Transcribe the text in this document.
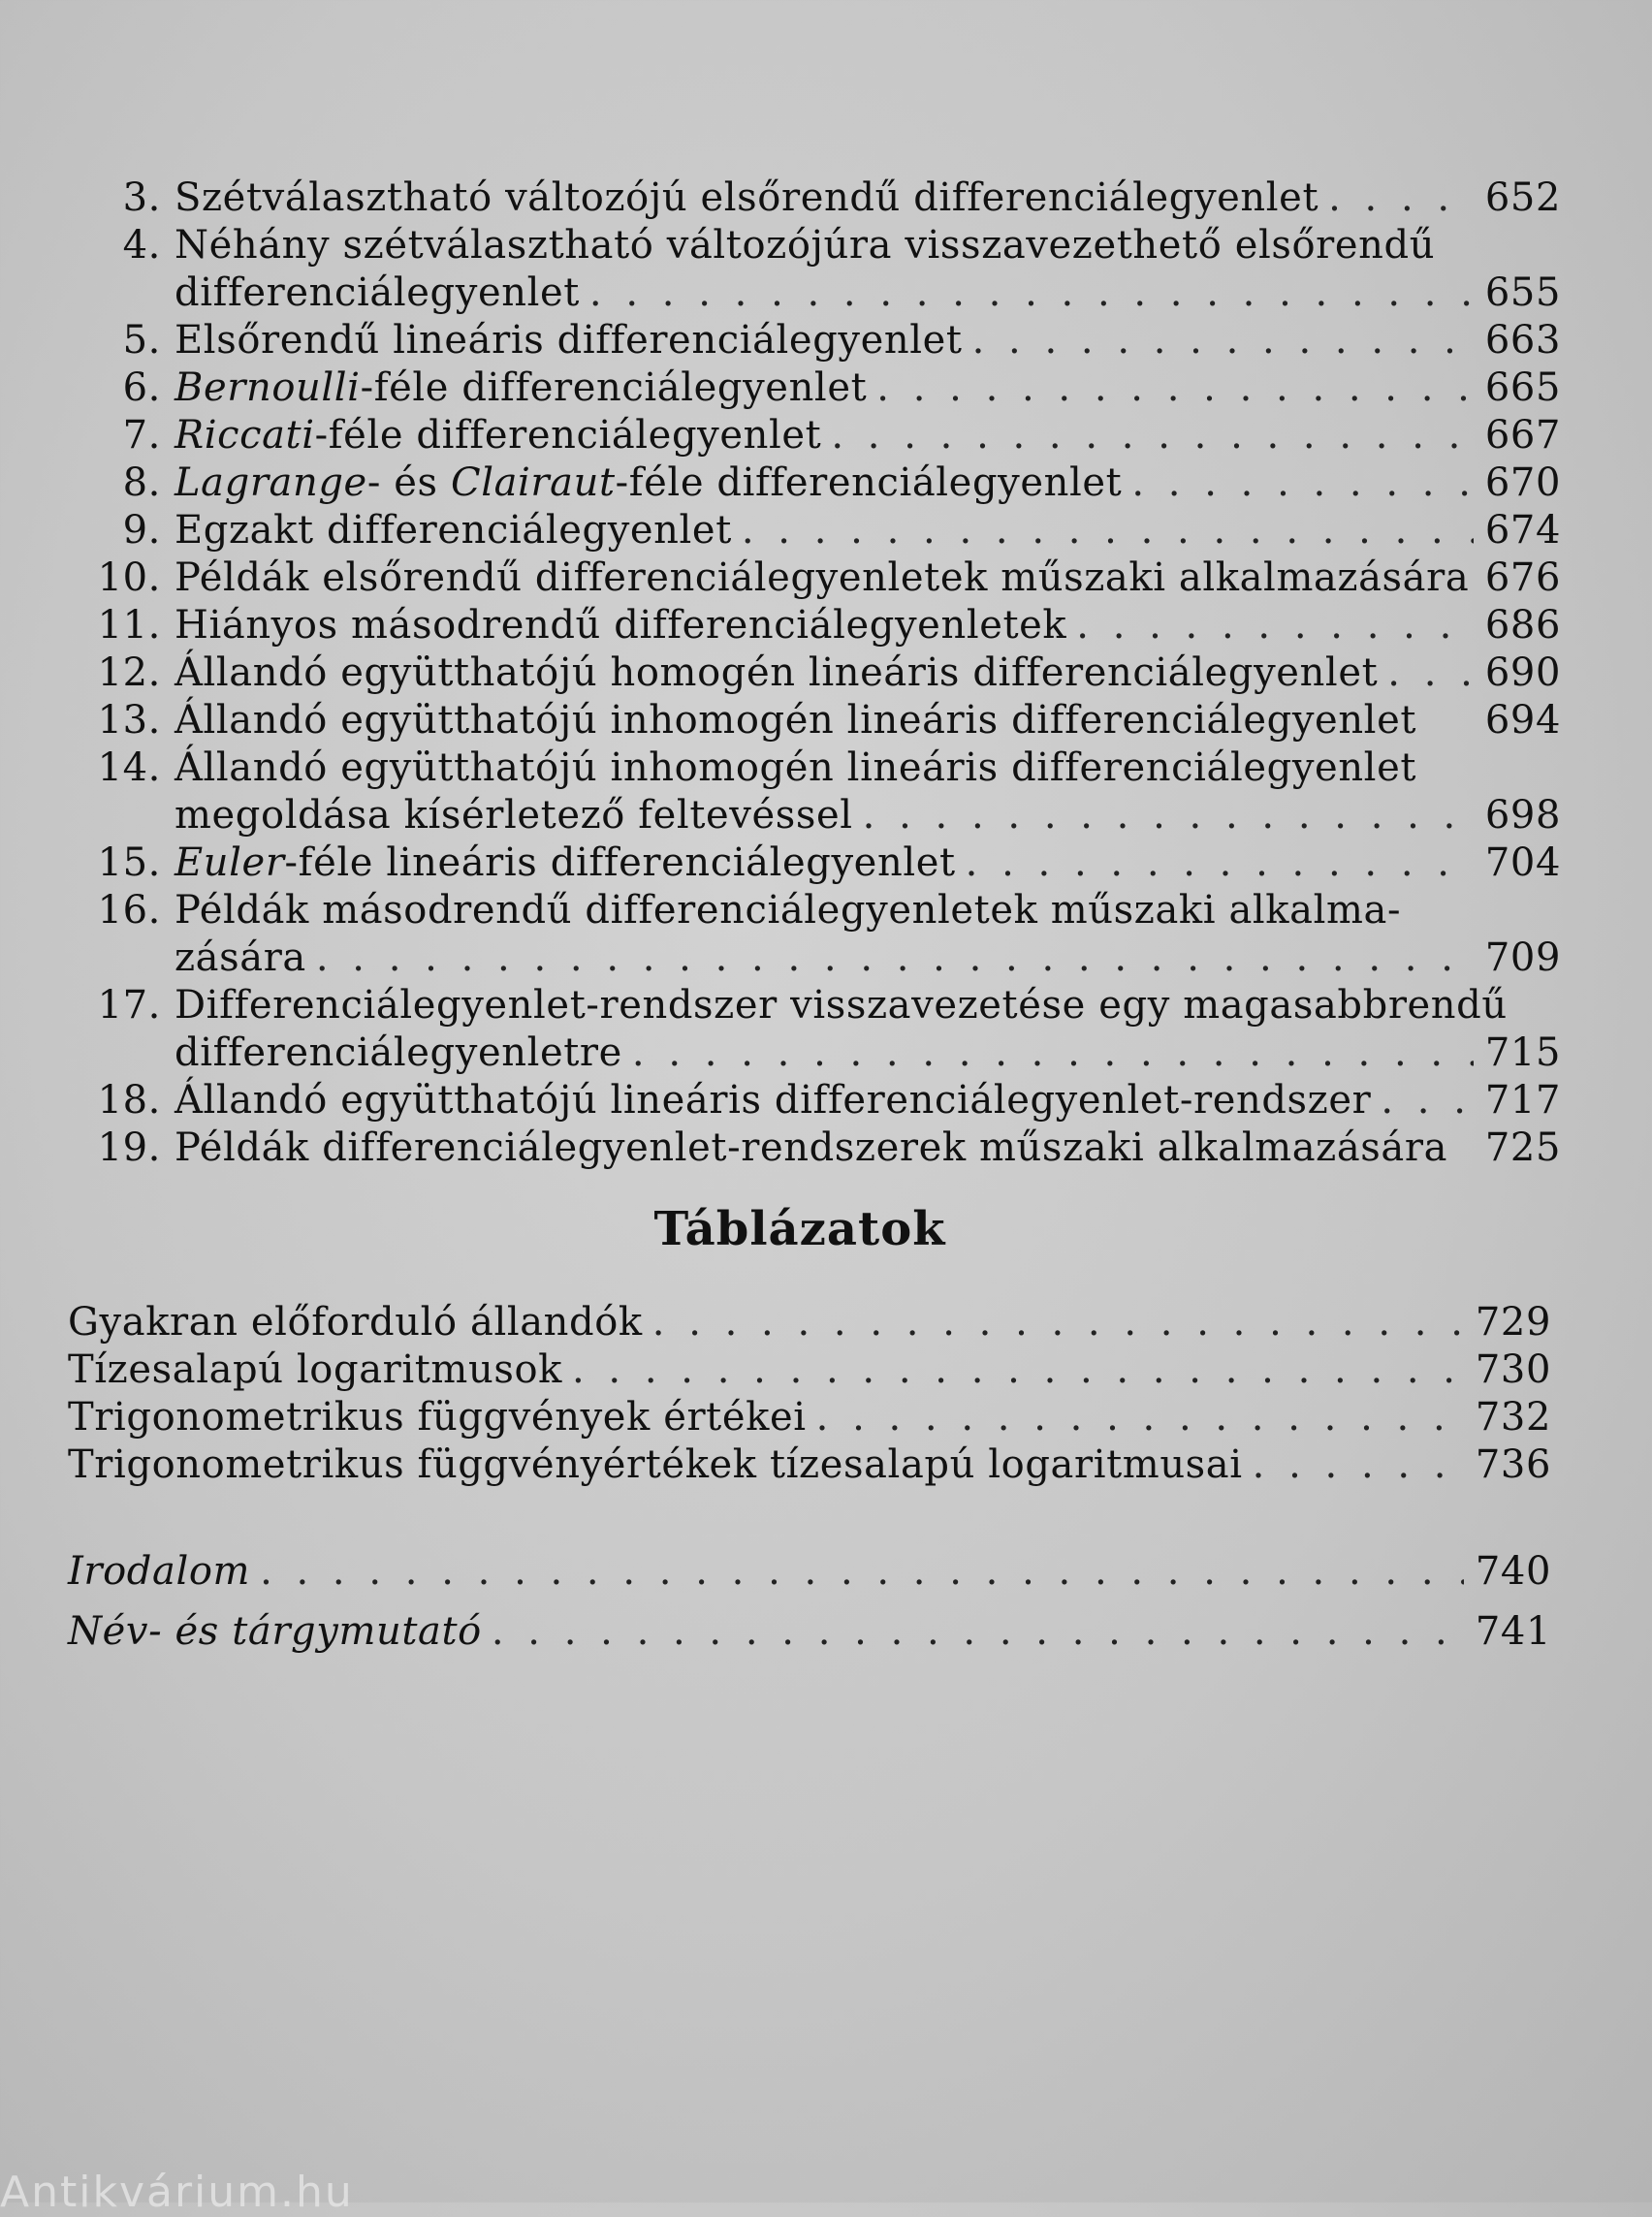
3. Szétválasztható változójú elsőrendű differenciálegyenlet . . .	652
4. Néhány szétválasztható változójúra visszavezethető elsőrendű
differenciálegyenlet . . .	655
5. Elsőrendű lineáris differenciálegyenlet . . .	663
6. Bernoulli-féle differenciálegyenlet . . .	665
7. Riccati-féle differenciálegyenlet . . .	667
8. Lagrange- és Clairaut-féle differenciálegyenlet . . .	670
9. Egzakt differenciálegyenlet . . .	674
10. Példák elsőrendű differenciálegyenletek műszaki alkalmazására 676
11. Hiányos másodrendű differenciálegyenletek . . .	686
12. Állandó együtthatójú homogén lineáris differenciálegyenlet . . .	690
13. Állandó együtthatójú inhomogén lineáris differenciálegyenlet 694
14. Állandó együtthatójú inhomogén lineáris differenciálegyenlet
megoldása kísérletező feltevéssel . . .	698
15. Euler-féle lineáris differenciálegyenlet . . .	704
16. Példák másodrendű differenciálegyenletek műszaki alkalma-
zására . . .	709
17. Differenciálegyenlet-rendszer visszavezetése egy magasabbrendű
differenciálegyenletre . . .	715
18. Állandó együtthatójú lineáris differenciálegyenlet-rendszer . . .	717
19. Példák differenciálegyenlet-rendszerek műszaki alkalmazására 725
Táblázatok
Gyakran előforduló állandók . . .	729
Tízesalapú logaritmusok . . .	730
Trigonometrikus függvények értékei . . .	732
Trigonometrikus függvényértékek tízesalapú logaritmusai . . .	736
Irodalom . . .	740
Név- és tárgymutató . . .	741
Antikvárium.hu
